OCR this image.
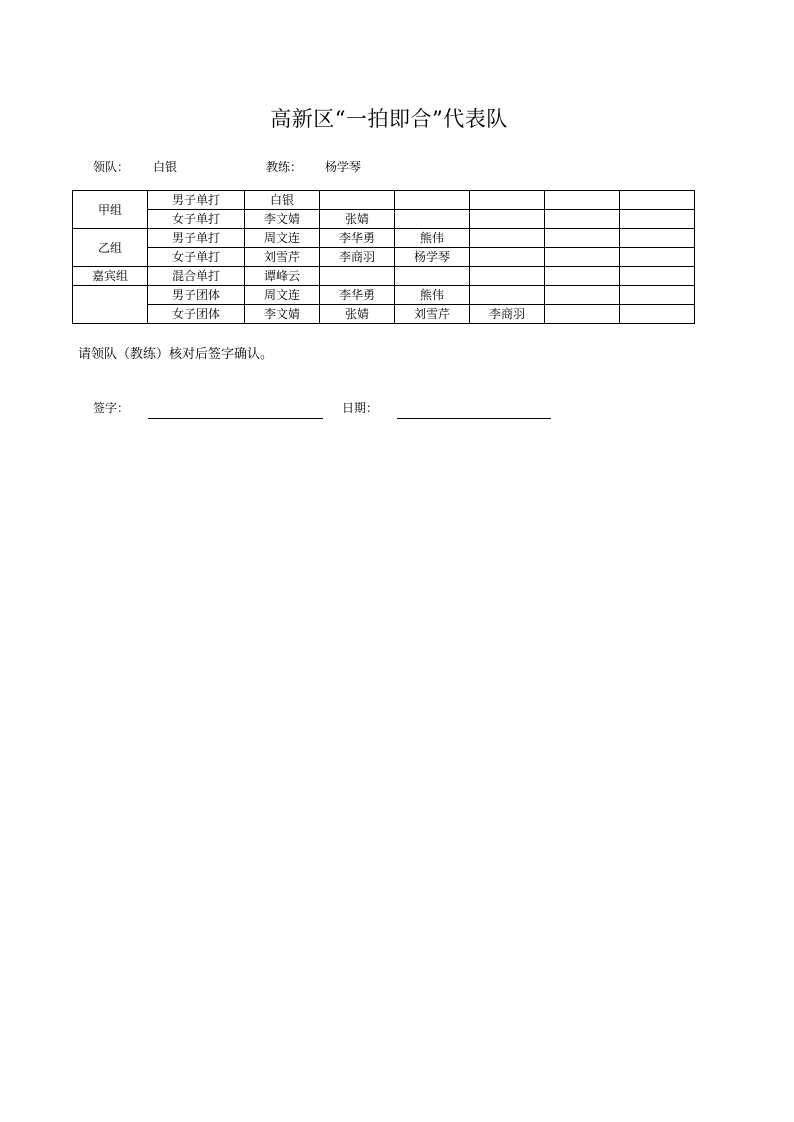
高新区“一拍即合”代表队
领队： 白银	教练： 杨学琴
甲组	男子单打	白银					
	女子单打	李文婧	张婧				
乙组	男子单打	周文连	李华勇	熊伟			
	女子单打	刘雪芹	李商羽	杨学琴			
嘉宾组	混合单打	谭峰云					
	男子团体	周文连	李华勇	熊伟			
	女子团体	李文婧	张婧	刘雪芹	李商羽		
请领队（教练）核对后签字确认。
签字：	日期：
